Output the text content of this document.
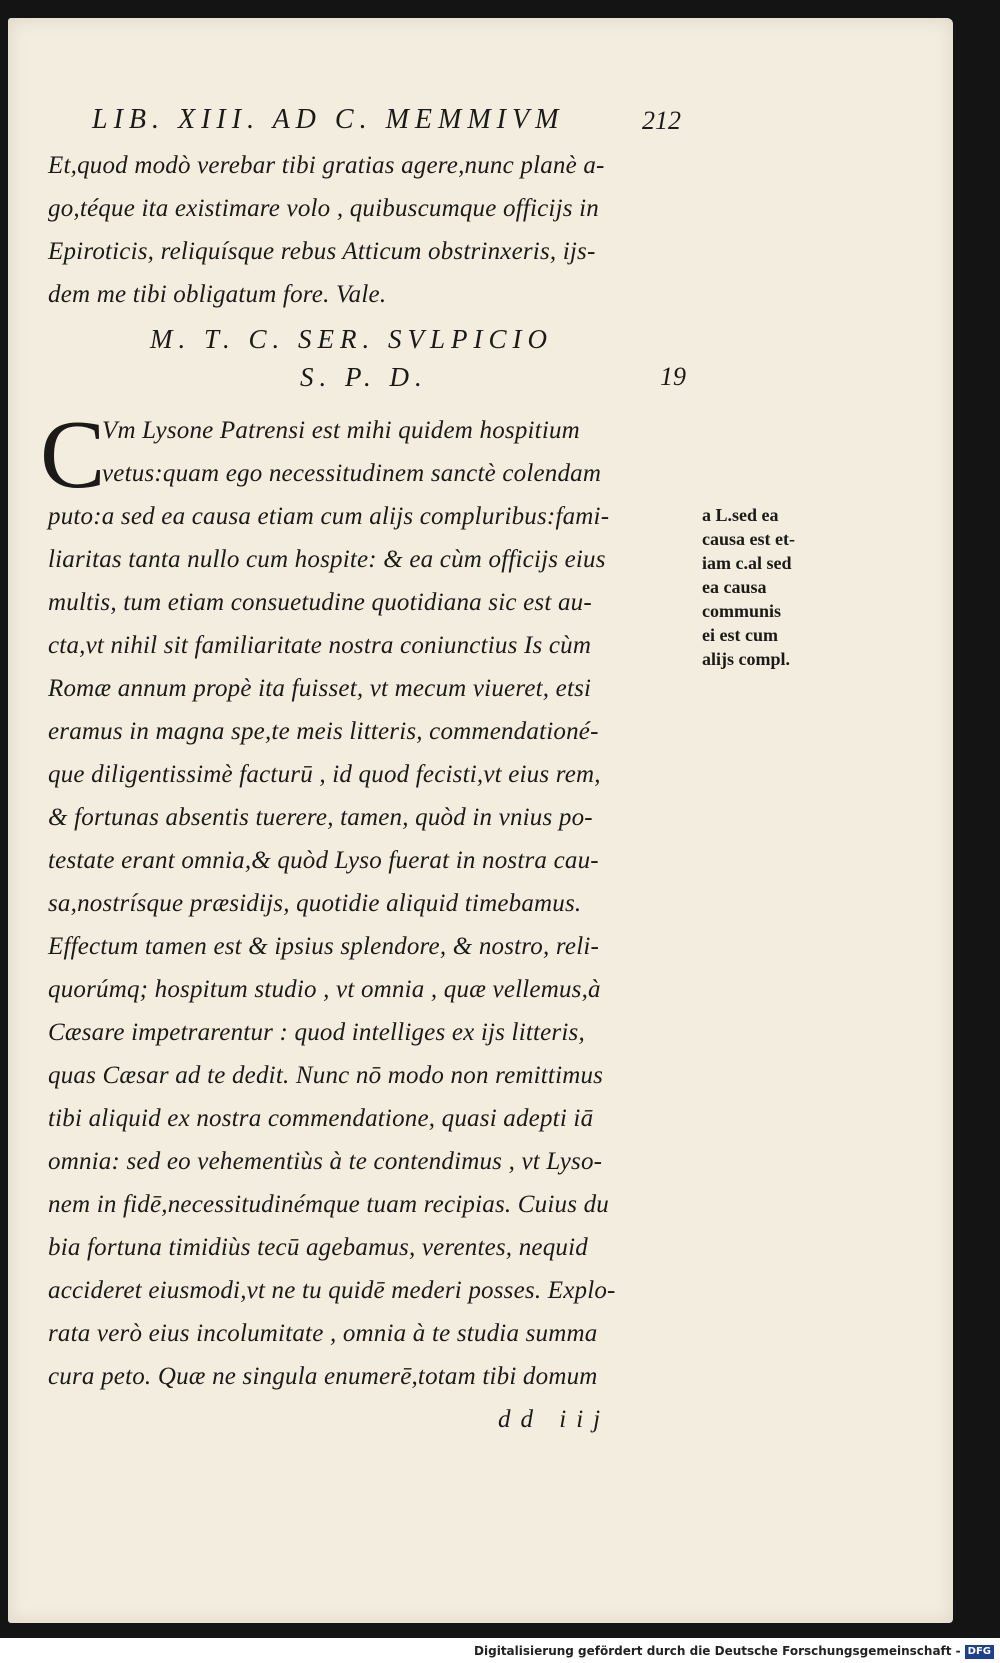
LIB. XIII. AD C. MEMMIVM	212
Et,quod modò verebar tibi gratias agere,nunc planè a-
go,téque ita existimare volo , quibuscumque officijs in
Epiroticis, reliquísque rebus Atticum obstrinxeris, ijs-
dem me tibi obligatum fore. Vale.
M. T. C. SER. SVLPICIO
S. P. D.	19
C
Vm Lysone Patrensi est mihi quidem hospitium
vetus:quam ego necessitudinem sanctè colendam
puto:a sed ea causa etiam cum alijs compluribus:fami-
liaritas tanta nullo cum hospite: & ea cùm officijs eius
multis, tum etiam consuetudine quotidiana sic est au-
cta,vt nihil sit familiaritate nostra coniunctius Is cùm
Romæ annum propè ita fuisset, vt mecum viueret, etsi
eramus in magna spe,te meis litteris, commendationé-
que diligentissimè facturū , id quod fecisti,vt eius rem,
& fortunas absentis tuerere, tamen, quòd in vnius po-
testate erant omnia,& quòd Lyso fuerat in nostra cau-
sa,nostrísque præsidijs, quotidie aliquid timebamus.
Effectum tamen est & ipsius splendore, & nostro, reli-
quorúmq; hospitum studio , vt omnia , quæ vellemus,à
Cæsare impetrarentur : quod intelliges ex ijs litteris,
quas Cæsar ad te dedit. Nunc nō modo non remittimus
tibi aliquid ex nostra commendatione, quasi adepti iā
omnia: sed eo vehementiùs à te contendimus , vt Lyso-
nem in fidē,necessitudinémque tuam recipias. Cuius du
bia fortuna timidiùs tecū agebamus, verentes, nequid
accideret eiusmodi,vt ne tu quidē mederi posses. Explo-
rata verò eius incolumitate , omnia à te studia summa
cura peto. Quæ ne singula enumerē,totam tibi domum
a L.sed ea
causa est et-
iam c.al sed
ea causa
communis
ei est cum
alijs compl.
dd iij
Digitalisierung gefördert durch die Deutsche Forschungsgemeinschaft - DFG
